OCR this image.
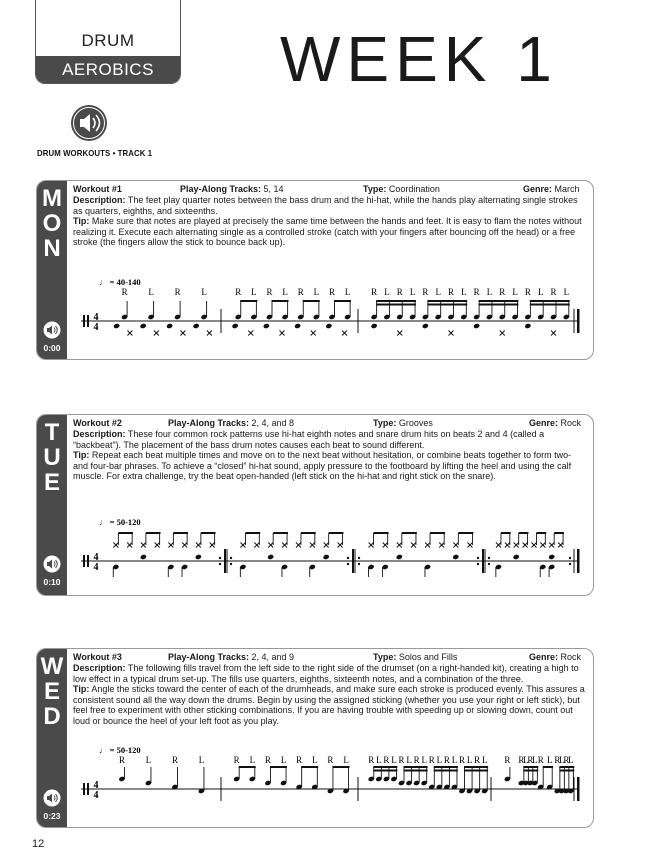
DRUM
AEROBICS	WEEK 1
DRUM WORKOUTS • TRACK 1
M
O
N
0:00
Workout #1	Play-Along Tracks: 5, 14	Type: Coordination	Genre: March

Description: The feet play quarter notes between the bass drum and the hi-hat, while the hands play alternating single strokes as quarters, eighths, and sixteenths.

Tip: Make sure that notes are played at precisely the same time between the hands and feet. It is easy to flam the notes without realizing it. Execute each alternating single as a controlled stroke (catch with your fingers after bouncing off the head) or a free stroke (the fingers allow the stick to bounce back up).

♩ = 40-140
4
4
R L R L	R L R L R L R L R L R L R L R L R L R L R L R L
T
U
E
0:10
Workout #2	Play-Along Tracks: 2, 4, and 8	Type: Grooves	Genre: Rock

Description: These four common rock patterns use hi-hat eighth notes and snare drum hits on beats 2 and 4 (called a “backbeat”). The placement of the bass drum notes causes each beat to sound different.

Tip: Repeat each beat multiple times and move on to the next beat without hesitation, or combine beats together to form two- and four-bar phrases. To achieve a “closed” hi-hat sound, apply pressure to the footboard by lifting the heel and using the calf muscle. For extra challenge, try the beat open-handed (left stick on the hi-hat and right stick on the snare).

♩ = 50-120
4
4
W
E
D
0:23
Workout #3	Play-Along Tracks: 2, 4, and 9	Type: Solos and Fills	Genre: Rock

Description: The following fills travel from the left side to the right side of the drumset (on a right-handed kit), creating a high to low effect in a typical drum set-up. The fills use quarters, eighths, sixteenth notes, and a combination of the three.

Tip: Angle the sticks toward the center of each of the drumheads, and make sure each stroke is produced evenly. This assures a consistent sound all the way down the drums. Begin by using the assigned sticking (whether you use your right or left stick), but feel free to experiment with other sticking combinations. If you are having trouble with speeding up or slowing down, count out loud or bounce the heel of your left foot as you play.

♩ = 50-120
4
4
R L R L	R L R L R L R L R L R L R L R L R L R L R L R L R R
L
R
L R L R
L
R
L
12
